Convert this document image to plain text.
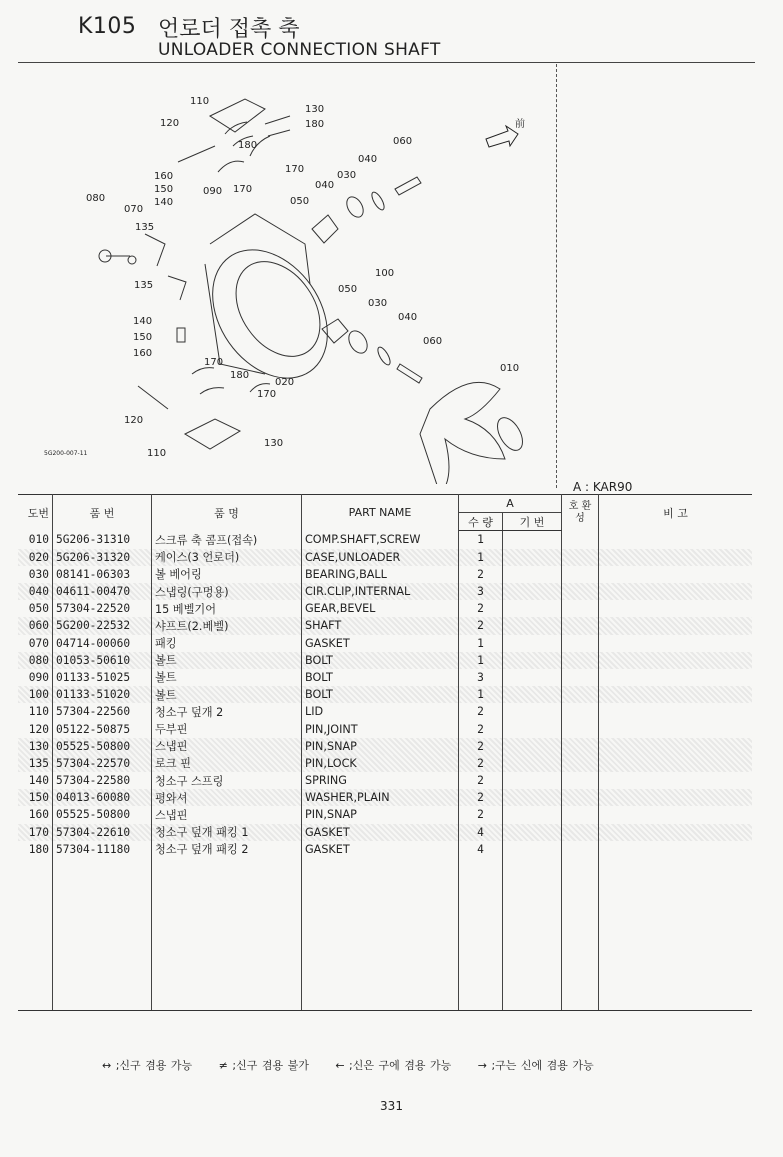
K105 언로더 접촉 축
UNLOADER CONNECTION SHAFT
110
130
120	180
180
170
170
060
040
040
030
050
160
150	090
140
080
070
135
135
100
050
030
040
140
150
160
060
010
170
180
170
020
120
110
130
前
5G200-007-11
A : KAR90
도번	품 번	품 명	PART NAME	A		호 환 성	비 고
				수 량	기 번		
010	5G206-31310	스크류 축 콤프(접속)	COMP.SHAFT,SCREW	1			
020	5G206-31320	케이스(3 언로더)	CASE,UNLOADER	1			
030	08141-06303	볼 베어링	BEARING,BALL	2			
040	04611-00470	스냅링(구멍용)	CIR.CLIP,INTERNAL	3			
050	57304-22520	15 베벨기어	GEAR,BEVEL	2			
060	5G200-22532	샤프트(2.베벨)	SHAFT	2			
070	04714-00060	패킹	GASKET	1			
080	01053-50610	볼트	BOLT	1			
090	01133-51025	볼트	BOLT	3			
100	01133-51020	볼트	BOLT	1			
110	57304-22560	청소구 덮개 2	LID	2			
120	05122-50875	두부핀	PIN,JOINT	2			
130	05525-50800	스냅핀	PIN,SNAP	2			
135	57304-22570	로크 핀	PIN,LOCK	2			
140	57304-22580	청소구 스프링	SPRING	2			
150	04013-60080	평와셔	WASHER,PLAIN	2			
160	05525-50800	스냅핀	PIN,SNAP	2			
170	57304-22610	청소구 덮개 패킹 1	GASKET	4			
180	57304-11180	청소구 덮개 패킹 2	GASKET	4			

↔ ;신구 겸용 가능 ≠ ;신구 겸용 불가 ← ;신은 구에 겸용 가능 → ;구는 신에 겸용 가능
331
